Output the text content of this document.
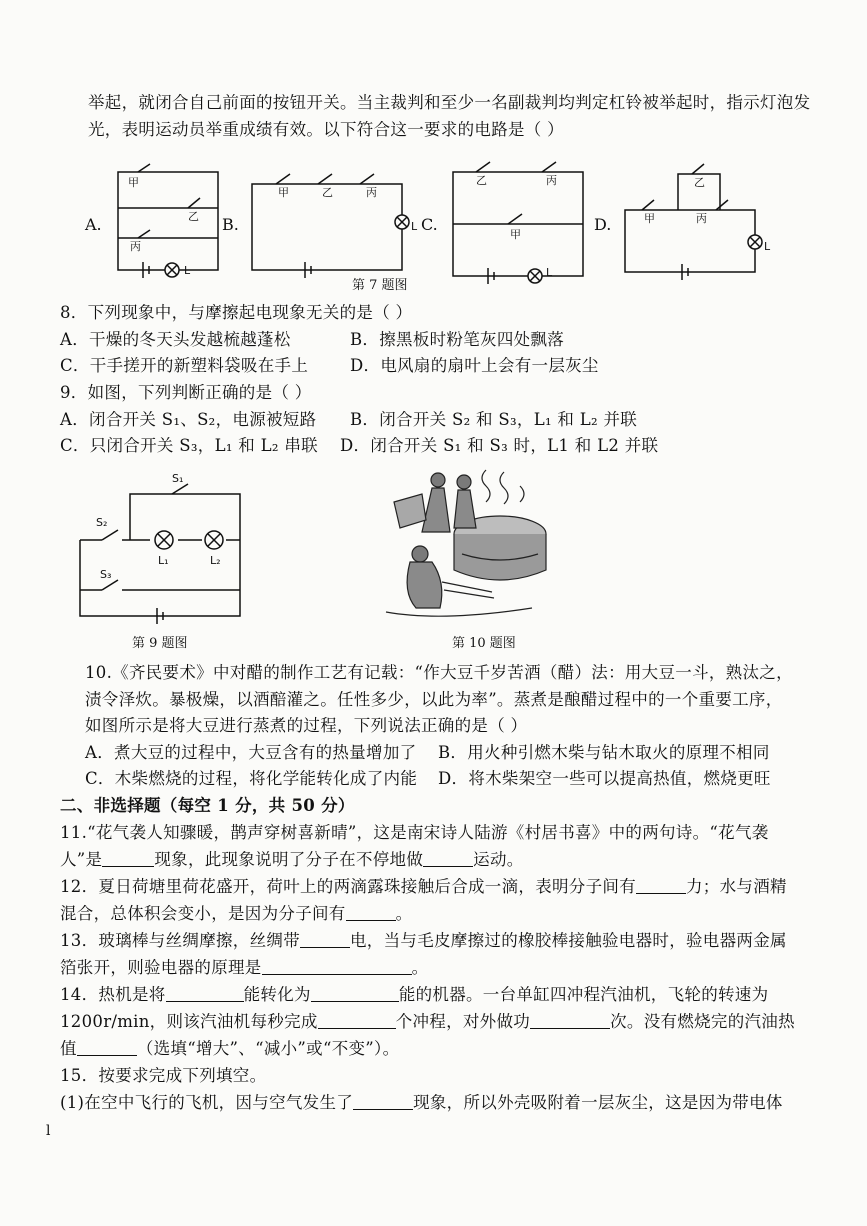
举起，就闭合自己前面的按钮开关。当主裁判和至少一名副裁判均判定杠铃被举起时，指示灯泡发
光，表明运动员举重成绩有效。以下符合这一要求的电路是（ ）
甲
乙
丙
L
甲	乙	丙
L
乙	丙
甲
L
乙
甲	丙
L
A.	B.	C.	D.
第 7 题图
8．下列现象中，与摩擦起电现象无关的是（ ）
A．干燥的冬天头发越梳越蓬松	B．擦黑板时粉笔灰四处飘落
C．干手搓开的新塑料袋吸在手上	D．电风扇的扇叶上会有一层灰尘
9．如图，下列判断正确的是（ ）
A．闭合开关 S₁、S₂，电源被短路 B．闭合开关 S₂ 和 S₃，L₁ 和 L₂ 并联
C．只闭合开关 S₃，L₁ 和 L₂ 串联 D．闭合开关 S₁ 和 S₃ 时，L1 和 L2 并联
S₁
S₂
S₃
L₁	L₂
第 9 题图	第 10 题图
10.《齐民要术》中对醋的制作工艺有记载：“作大豆千岁苦酒（醋）法：用大豆一斗，熟汰之，
渍令泽炊。暴极燥，以酒醅灌之。任性多少，以此为率”。蒸煮是酿醋过程中的一个重要工序，
如图所示是将大豆进行蒸煮的过程，下列说法正确的是（ ）
A．煮大豆的过程中，大豆含有的热量增加了 B．用火种引燃木柴与钻木取火的原理不相同
C．木柴燃烧的过程，将化学能转化成了内能 D．将木柴架空一些可以提高热值，燃烧更旺
二、非选择题（每空 1 分，共 50 分）
11.“花气袭人知骤暖，鹊声穿树喜新晴”，这是南宋诗人陆游《村居书喜》中的两句诗。“花气袭
人”是	现象，此现象说明了分子在不停地做	运动。
12．夏日荷塘里荷花盛开，荷叶上的两滴露珠接触后合成一滴，表明分子间有	力；水与酒精
混合，总体积会变小，是因为分子间有	。
13．玻璃棒与丝绸摩擦，丝绸带	电，当与毛皮摩擦过的橡胶棒接触验电器时，验电器两金属
箔张开，则验电器的原理是	。
14．热机是将	能转化为	能的机器。一台单缸四冲程汽油机，飞轮的转速为
1200r/min，则该汽油机每秒完成	个冲程，对外做功	次。没有燃烧完的汽油热
值	（选填“增大”、“减小”或“不变”）。
15．按要求完成下列填空。
(1)在空中飞行的飞机，因与空气发生了	现象，所以外壳吸附着一层灰尘，这是因为带电体
l
